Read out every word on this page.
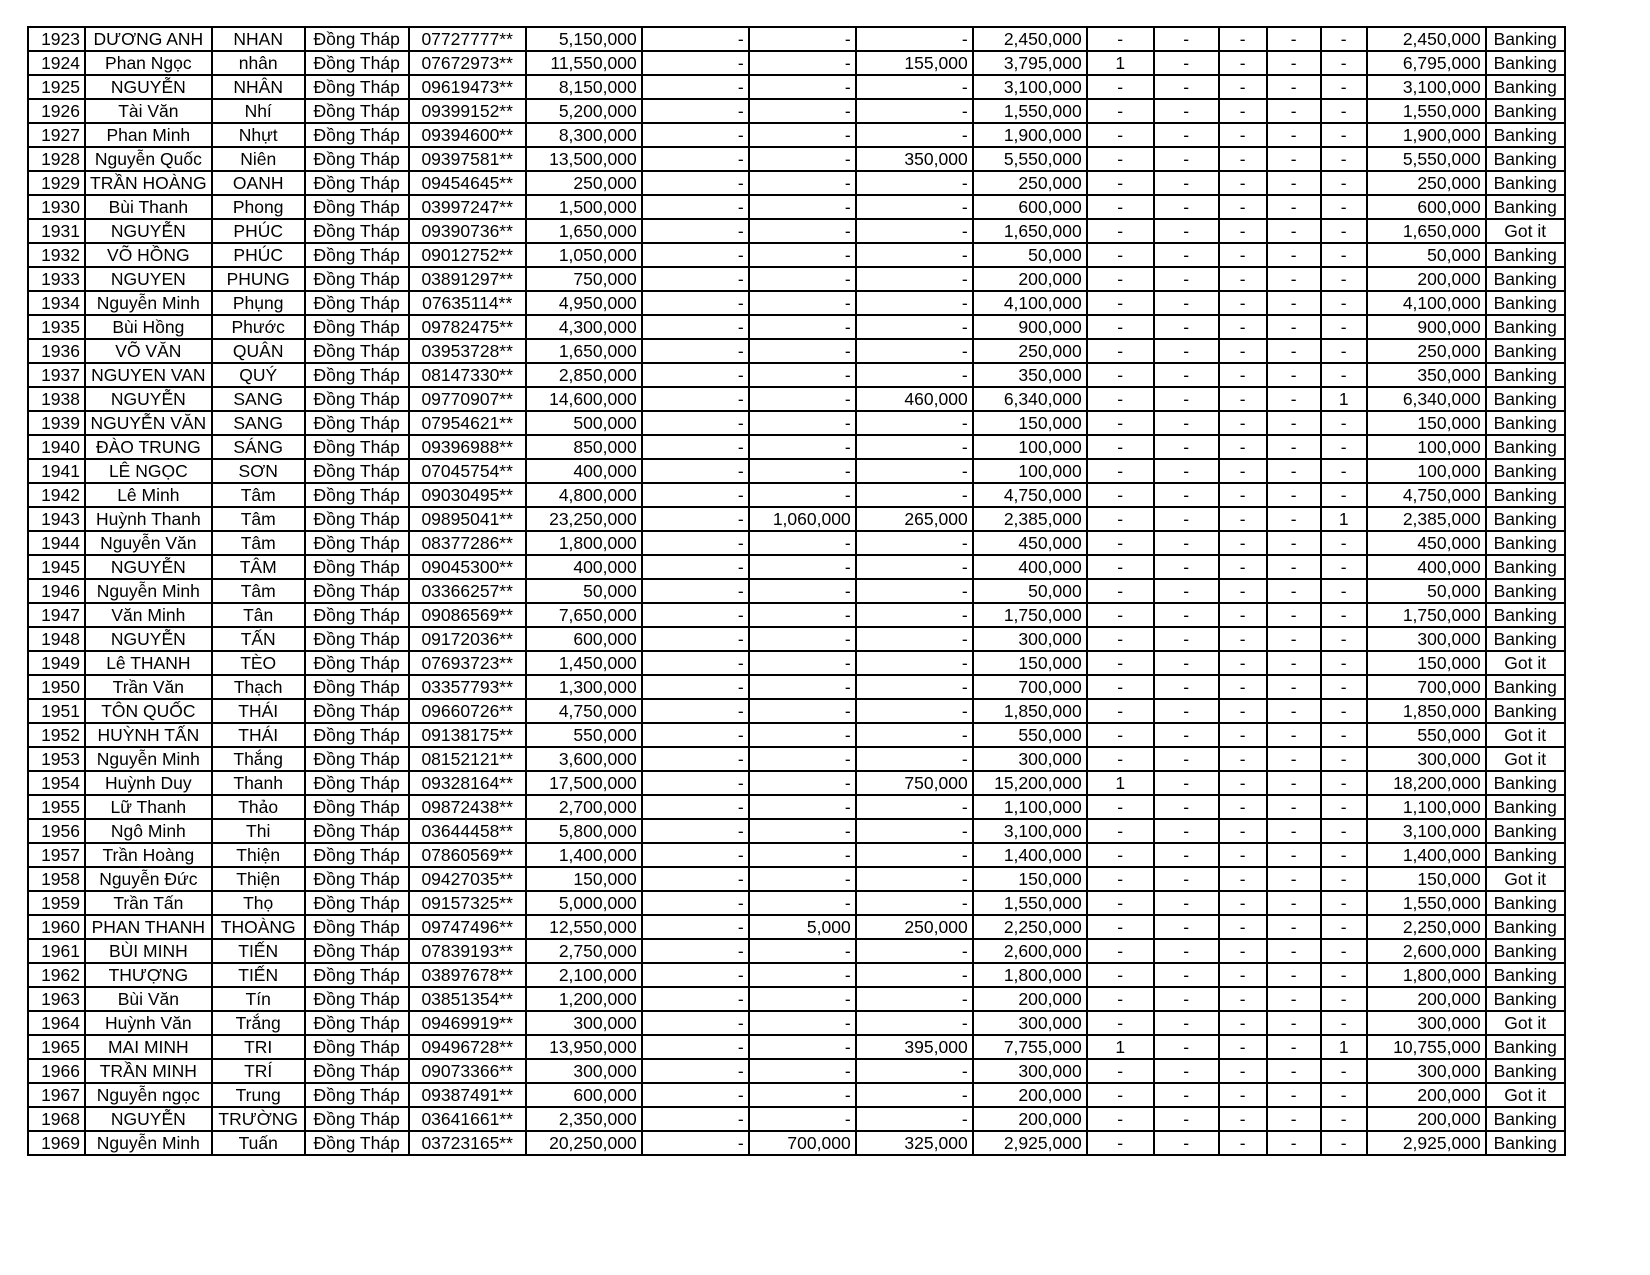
1923	DƯƠNG ANH	NHAN	Đồng Tháp	07727777**	5,150,000	-	-	-	2,450,000	-	-	-	-	-	2,450,000	Banking
1924	Phan Ngọc	nhân	Đồng Tháp	07672973**	11,550,000	-	-	155,000	3,795,000	1	-	-	-	-	6,795,000	Banking
1925	NGUYỄN	NHÂN	Đồng Tháp	09619473**	8,150,000	-	-	-	3,100,000	-	-	-	-	-	3,100,000	Banking
1926	Tài Văn	Nhí	Đồng Tháp	09399152**	5,200,000	-	-	-	1,550,000	-	-	-	-	-	1,550,000	Banking
1927	Phan Minh	Nhựt	Đồng Tháp	09394600**	8,300,000	-	-	-	1,900,000	-	-	-	-	-	1,900,000	Banking
1928	Nguyễn Quốc	Niên	Đồng Tháp	09397581**	13,500,000	-	-	350,000	5,550,000	-	-	-	-	-	5,550,000	Banking
1929	TRẦN HOÀNG	OANH	Đồng Tháp	09454645**	250,000	-	-	-	250,000	-	-	-	-	-	250,000	Banking
1930	Bùi Thanh	Phong	Đồng Tháp	03997247**	1,500,000	-	-	-	600,000	-	-	-	-	-	600,000	Banking
1931	NGUYỄN	PHÚC	Đồng Tháp	09390736**	1,650,000	-	-	-	1,650,000	-	-	-	-	-	1,650,000	Got it
1932	VÕ HỒNG	PHÚC	Đồng Tháp	09012752**	1,050,000	-	-	-	50,000	-	-	-	-	-	50,000	Banking
1933	NGUYEN	PHUNG	Đồng Tháp	03891297**	750,000	-	-	-	200,000	-	-	-	-	-	200,000	Banking
1934	Nguyễn Minh	Phụng	Đồng Tháp	07635114**	4,950,000	-	-	-	4,100,000	-	-	-	-	-	4,100,000	Banking
1935	Bùi Hồng	Phước	Đồng Tháp	09782475**	4,300,000	-	-	-	900,000	-	-	-	-	-	900,000	Banking
1936	VÕ VĂN	QUÂN	Đồng Tháp	03953728**	1,650,000	-	-	-	250,000	-	-	-	-	-	250,000	Banking
1937	NGUYEN VAN	QUÝ	Đồng Tháp	08147330**	2,850,000	-	-	-	350,000	-	-	-	-	-	350,000	Banking
1938	NGUYỄN	SANG	Đồng Tháp	09770907**	14,600,000	-	-	460,000	6,340,000	-	-	-	-	1	6,340,000	Banking
1939	NGUYỄN VĂN	SANG	Đồng Tháp	07954621**	500,000	-	-	-	150,000	-	-	-	-	-	150,000	Banking
1940	ĐÀO TRUNG	SÁNG	Đồng Tháp	09396988**	850,000	-	-	-	100,000	-	-	-	-	-	100,000	Banking
1941	LÊ NGỌC	SƠN	Đồng Tháp	07045754**	400,000	-	-	-	100,000	-	-	-	-	-	100,000	Banking
1942	Lê Minh	Tâm	Đồng Tháp	09030495**	4,800,000	-	-	-	4,750,000	-	-	-	-	-	4,750,000	Banking
1943	Huỳnh Thanh	Tâm	Đồng Tháp	09895041**	23,250,000	-	1,060,000	265,000	2,385,000	-	-	-	-	1	2,385,000	Banking
1944	Nguyễn Văn	Tâm	Đồng Tháp	08377286**	1,800,000	-	-	-	450,000	-	-	-	-	-	450,000	Banking
1945	NGUYỄN	TÂM	Đồng Tháp	09045300**	400,000	-	-	-	400,000	-	-	-	-	-	400,000	Banking
1946	Nguyễn Minh	Tâm	Đồng Tháp	03366257**	50,000	-	-	-	50,000	-	-	-	-	-	50,000	Banking
1947	Văn Minh	Tân	Đồng Tháp	09086569**	7,650,000	-	-	-	1,750,000	-	-	-	-	-	1,750,000	Banking
1948	NGUYỄN	TẤN	Đồng Tháp	09172036**	600,000	-	-	-	300,000	-	-	-	-	-	300,000	Banking
1949	Lê THANH	TÈO	Đồng Tháp	07693723**	1,450,000	-	-	-	150,000	-	-	-	-	-	150,000	Got it
1950	Trần Văn	Thạch	Đồng Tháp	03357793**	1,300,000	-	-	-	700,000	-	-	-	-	-	700,000	Banking
1951	TÔN QUỐC	THÁI	Đồng Tháp	09660726**	4,750,000	-	-	-	1,850,000	-	-	-	-	-	1,850,000	Banking
1952	HUỲNH TẤN	THÁI	Đồng Tháp	09138175**	550,000	-	-	-	550,000	-	-	-	-	-	550,000	Got it
1953	Nguyễn Minh	Thắng	Đồng Tháp	08152121**	3,600,000	-	-	-	300,000	-	-	-	-	-	300,000	Got it
1954	Huỳnh Duy	Thanh	Đồng Tháp	09328164**	17,500,000	-	-	750,000	15,200,000	1	-	-	-	-	18,200,000	Banking
1955	Lữ Thanh	Thảo	Đồng Tháp	09872438**	2,700,000	-	-	-	1,100,000	-	-	-	-	-	1,100,000	Banking
1956	Ngô Minh	Thi	Đồng Tháp	03644458**	5,800,000	-	-	-	3,100,000	-	-	-	-	-	3,100,000	Banking
1957	Trần Hoàng	Thiện	Đồng Tháp	07860569**	1,400,000	-	-	-	1,400,000	-	-	-	-	-	1,400,000	Banking
1958	Nguyễn Đức	Thiện	Đồng Tháp	09427035**	150,000	-	-	-	150,000	-	-	-	-	-	150,000	Got it
1959	Trần Tấn	Thọ	Đồng Tháp	09157325**	5,000,000	-	-	-	1,550,000	-	-	-	-	-	1,550,000	Banking
1960	PHAN THANH	THOÀNG	Đồng Tháp	09747496**	12,550,000	-	5,000	250,000	2,250,000	-	-	-	-	-	2,250,000	Banking
1961	BÙI MINH	TIẾN	Đồng Tháp	07839193**	2,750,000	-	-	-	2,600,000	-	-	-	-	-	2,600,000	Banking
1962	THƯỢNG	TIẾN	Đồng Tháp	03897678**	2,100,000	-	-	-	1,800,000	-	-	-	-	-	1,800,000	Banking
1963	Bùi Văn	Tín	Đồng Tháp	03851354**	1,200,000	-	-	-	200,000	-	-	-	-	-	200,000	Banking
1964	Huỳnh Văn	Trắng	Đồng Tháp	09469919**	300,000	-	-	-	300,000	-	-	-	-	-	300,000	Got it
1965	MAI MINH	TRI	Đồng Tháp	09496728**	13,950,000	-	-	395,000	7,755,000	1	-	-	-	1	10,755,000	Banking
1966	TRẦN MINH	TRÍ	Đồng Tháp	09073366**	300,000	-	-	-	300,000	-	-	-	-	-	300,000	Banking
1967	Nguyễn ngọc	Trung	Đồng Tháp	09387491**	600,000	-	-	-	200,000	-	-	-	-	-	200,000	Got it
1968	NGUYỄN	TRƯỜNG	Đồng Tháp	03641661**	2,350,000	-	-	-	200,000	-	-	-	-	-	200,000	Banking
1969	Nguyễn Minh	Tuấn	Đồng Tháp	03723165**	20,250,000	-	700,000	325,000	2,925,000	-	-	-	-	-	2,925,000	Banking
